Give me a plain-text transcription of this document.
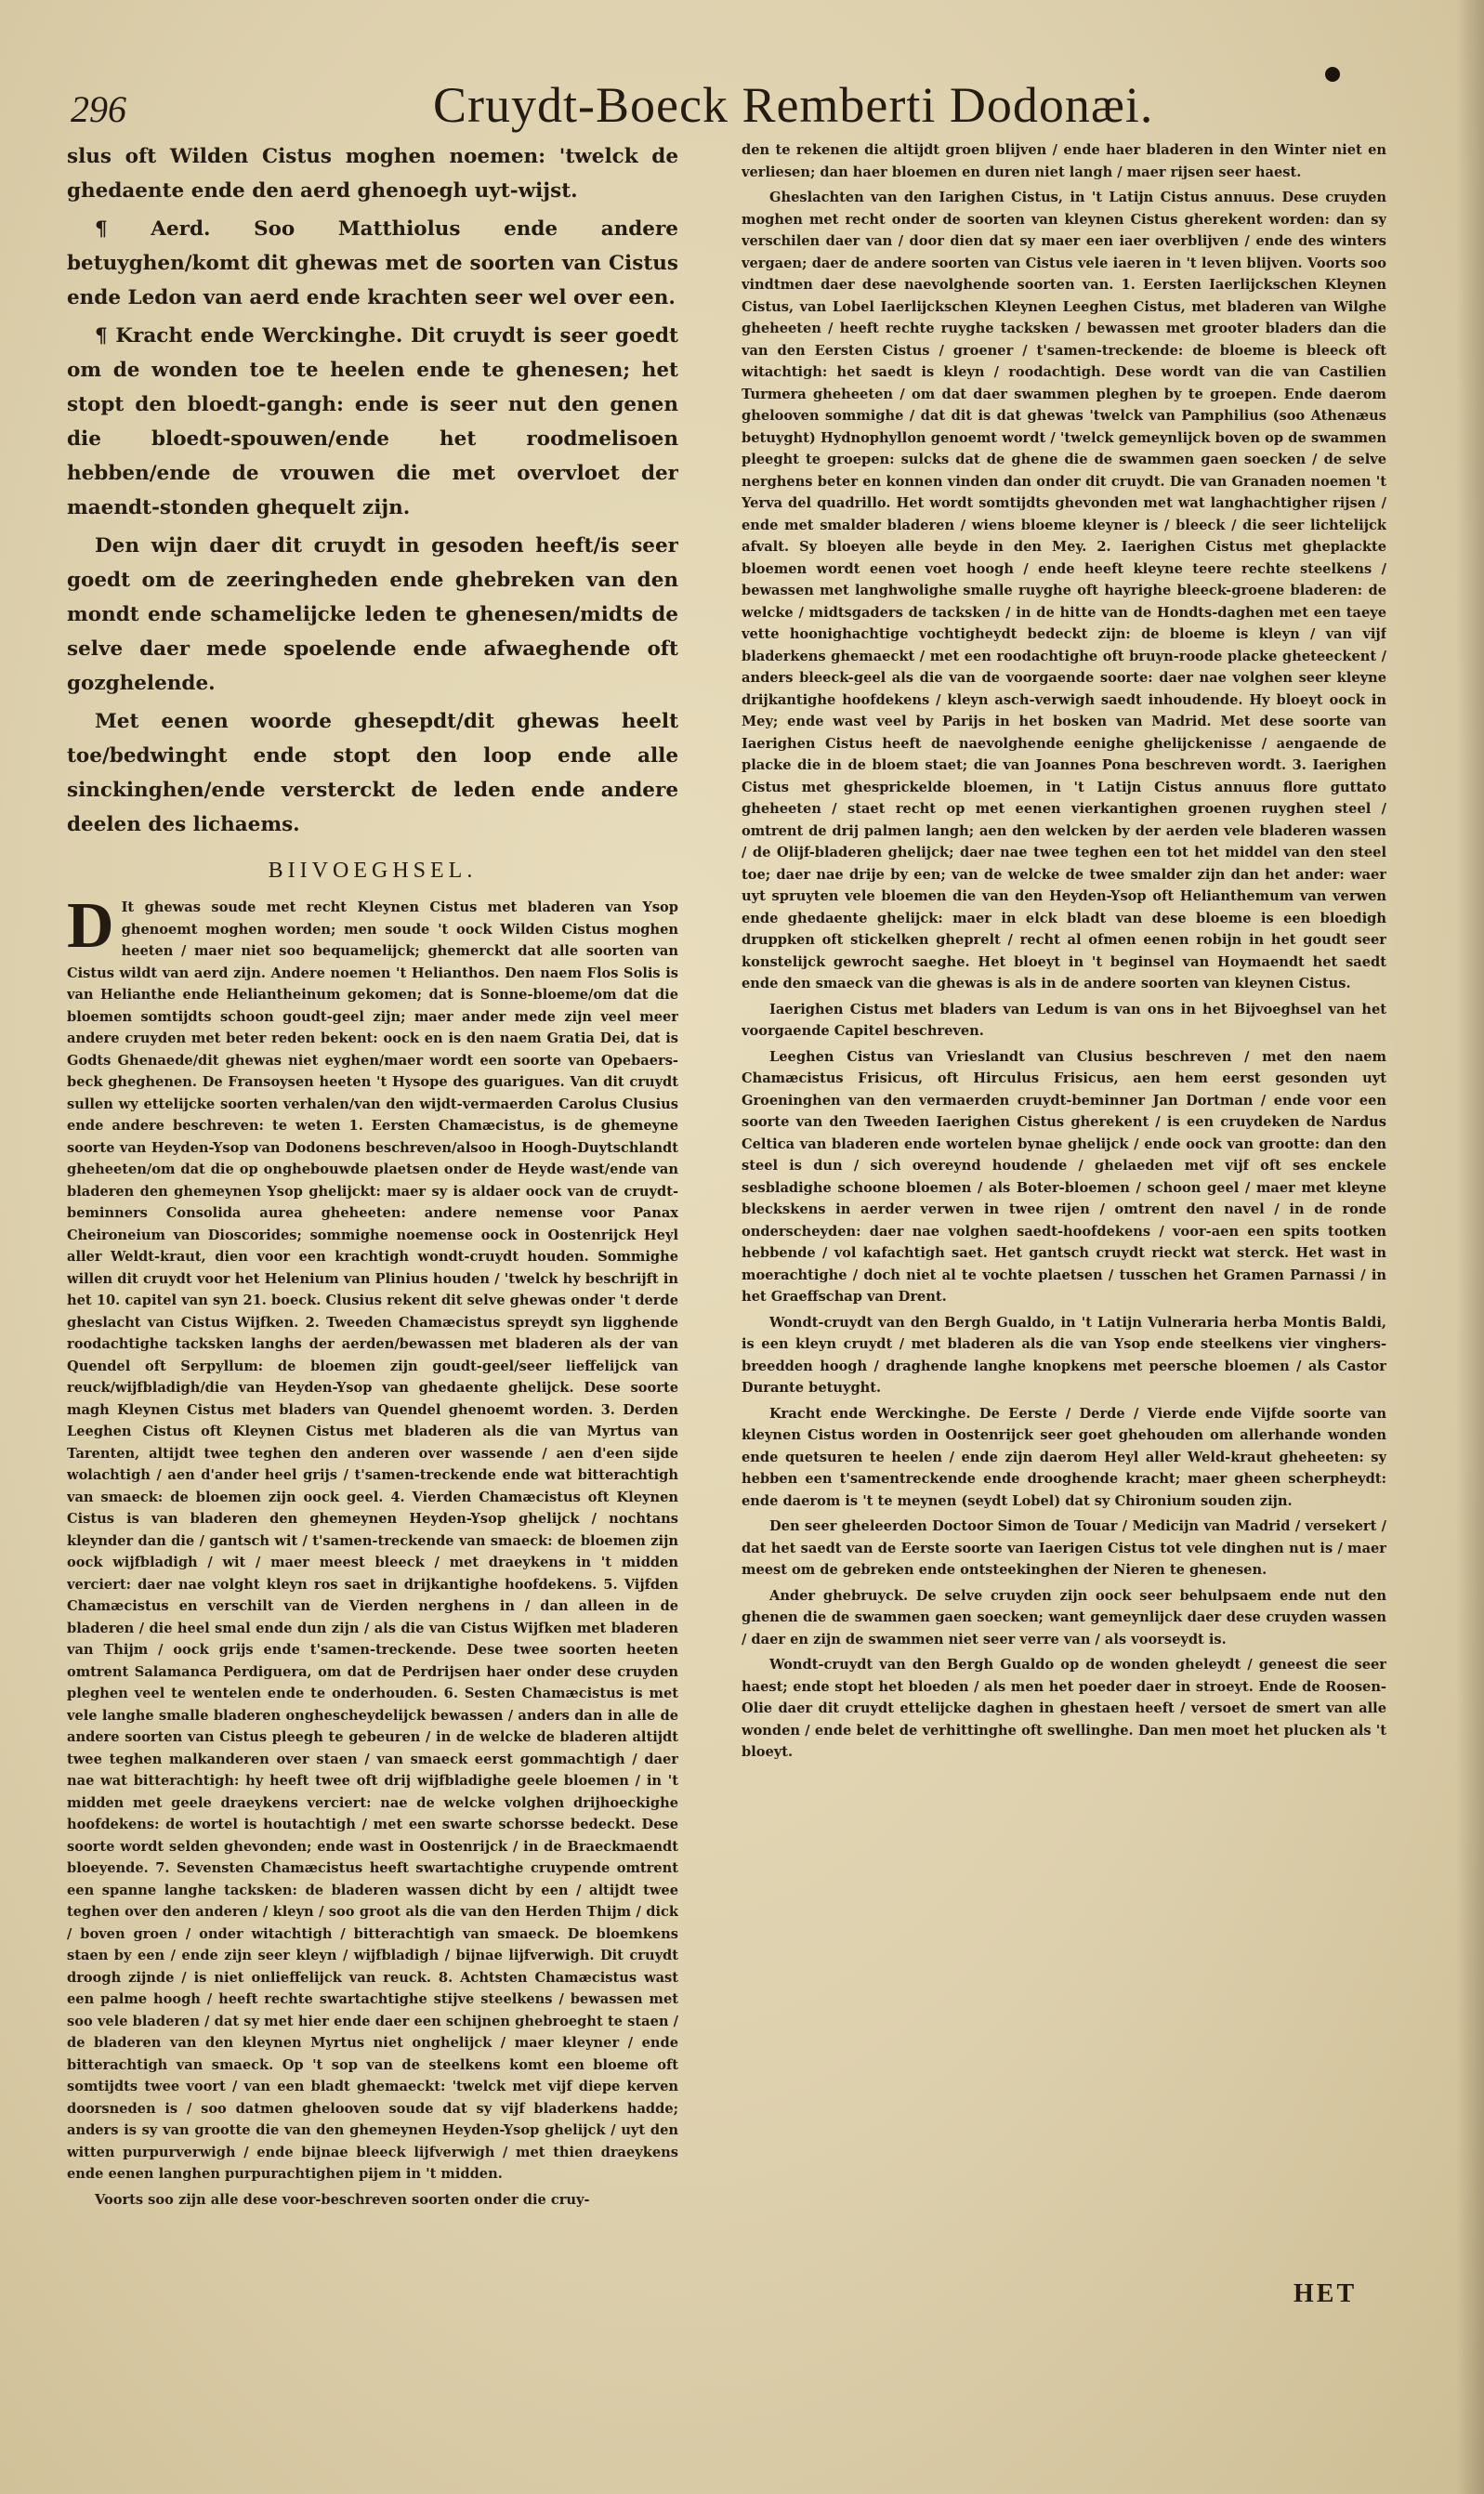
296	Cruydt-Boeck Remberti Dodonæi.

slus oft Wilden Cistus moghen noemen: 'twelck de ghedaente ende den aerd ghenoegh uyt-wijst.

¶ Aerd. Soo Matthiolus ende andere betuyghen/komt dit ghewas met de soorten van Cistus ende Ledon van aerd ende krachten seer wel over een.

¶ Kracht ende Werckinghe. Dit cruydt is seer goedt om de wonden toe te heelen ende te ghenesen; het stopt den bloedt-gangh: ende is seer nut den genen die bloedt-spouwen/ende het roodmelisoen hebben/ende de vrouwen die met overvloet der maendt-stonden ghequelt zijn.

Den wijn daer dit cruydt in gesoden heeft/is seer goedt om de zeeringheden ende ghebreken van den mondt ende schamelijcke leden te ghenesen/midts de selve daer mede spoelende ende afwaeghende oft gozghelende.

Met eenen woorde ghesepdt/dit ghewas heelt toe/bedwinght ende stopt den loop ende alle sinckinghen/ende versterckt de leden ende andere deelen des lichaems.

BIIVOEGHSEL.

D It ghewas soude met recht Kleynen Cistus met bladeren van Ysop ghenoemt moghen worden; men soude 't oock Wilden Cistus moghen heeten / maer niet soo bequamelijck; ghemerckt dat alle soorten van Cistus wildt van aerd zijn. Andere noemen 't Helianthos. Den naem Flos Solis is van Helianthe ende Heliantheinum gekomen; dat is Sonne-bloeme/om dat die bloemen somtijdts schoon goudt-geel zijn; maer ander mede zijn veel meer andere cruyden met beter reden bekent: oock en is den naem Gratia Dei, dat is Godts Ghenaede/dit ghewas niet eyghen/maer wordt een soorte van Opebaers-beck gheghenen. De Fransoysen heeten 't Hysope des guarigues. Van dit cruydt sullen wy ettelijcke soorten verhalen/van den wijdt-vermaerden Carolus Clusius ende andere beschreven: te weten 1. Eersten Chamæcistus, is de ghemeyne soorte van Heyden-Ysop van Dodonens beschreven/alsoo in Hoogh-Duytschlandt gheheeten/om dat die op onghebouwde plaetsen onder de Heyde wast/ende van bladeren den ghemeynen Ysop ghelijckt: maer sy is aldaer oock van de cruydt-beminners Consolida aurea gheheeten: andere nemense voor Panax Cheironeium van Dioscorides; sommighe noemense oock in Oostenrijck Heyl aller Weldt-kraut, dien voor een krachtigh wondt-cruydt houden. Sommighe willen dit cruydt voor het Helenium van Plinius houden / 'twelck hy beschrijft in het 10. capitel van syn 21. boeck. Clusius rekent dit selve ghewas onder 't derde gheslacht van Cistus Wijfken. 2. Tweeden Chamæcistus spreydt syn ligghende roodachtighe tacksken langhs der aerden/bewassen met bladeren als der van Quendel oft Serpyllum: de bloemen zijn goudt-geel/seer lieffelijck van reuck/wijfbladigh/die van Heyden-Ysop van ghedaente ghelijck. Dese soorte magh Kleynen Cistus met bladers van Quendel ghenoemt worden. 3. Derden Leeghen Cistus oft Kleynen Cistus met bladeren als die van Myrtus van Tarenten, altijdt twee teghen den anderen over wassende / aen d'een sijde wolachtigh / aen d'ander heel grijs / t'samen-treckende ende wat bitterachtigh van smaeck: de bloemen zijn oock geel. 4. Vierden Chamæcistus oft Kleynen Cistus is van bladeren den ghemeynen Heyden-Ysop ghelijck / nochtans kleynder dan die / gantsch wit / t'samen-treckende van smaeck: de bloemen zijn oock wijfbladigh / wit / maer meest bleeck / met draeykens in 't midden verciert: daer nae volght kleyn ros saet in drijkantighe hoofdekens. 5. Vijfden Chamæcistus en verschilt van de Vierden nerghens in / dan alleen in de bladeren / die heel smal ende dun zijn / als die van Cistus Wijfken met bladeren van Thijm / oock grijs ende t'samen-treckende. Dese twee soorten heeten omtrent Salamanca Perdiguera, om dat de Perdrijsen haer onder dese cruyden pleghen veel te wentelen ende te onderhouden. 6. Sesten Chamæcistus is met vele langhe smalle bladeren onghescheydelijck bewassen / anders dan in alle de andere soorten van Cistus pleegh te gebeuren / in de welcke de bladeren altijdt twee teghen malkanderen over staen / van smaeck eerst gommachtigh / daer nae wat bitterachtigh: hy heeft twee oft drij wijfbladighe geele bloemen / in 't midden met geele draeykens verciert: nae de welcke volghen drijhoeckighe hoofdekens: de wortel is houtachtigh / met een swarte schorsse bedeckt. Dese soorte wordt selden ghevonden; ende wast in Oostenrijck / in de Braeckmaendt bloeyende. 7. Sevensten Chamæcistus heeft swartachtighe cruypende omtrent een spanne langhe tacksken: de bladeren wassen dicht by een / altijdt twee teghen over den anderen / kleyn / soo groot als die van den Herden Thijm / dick / boven groen / onder witachtigh / bitterachtigh van smaeck. De bloemkens staen by een / ende zijn seer kleyn / wijfbladigh / bijnae lijfverwigh. Dit cruydt droogh zijnde / is niet onlieffelijck van reuck. 8. Achtsten Chamæcistus wast een palme hoogh / heeft rechte swartachtighe stijve steelkens / bewassen met soo vele bladeren / dat sy met hier ende daer een schijnen ghebroeght te staen / de bladeren van den kleynen Myrtus niet onghelijck / maer kleyner / ende bitterachtigh van smaeck. Op 't sop van de steelkens komt een bloeme oft somtijdts twee voort / van een bladt ghemaeckt: 'twelck met vijf diepe kerven doorsneden is / soo datmen ghelooven soude dat sy vijf bladerkens hadde; anders is sy van grootte die van den ghemeynen Heyden-Ysop ghelijck / uyt den witten purpurverwigh / ende bijnae bleeck lijfverwigh / met thien draeykens ende eenen langhen purpurachtighen pijem in 't midden.

Voorts soo zijn alle dese voor-beschreven soorten onder die cruy-

den te rekenen die altijdt groen blijven / ende haer bladeren in den Winter niet en verliesen; dan haer bloemen en duren niet langh / maer rijsen seer haest.

Gheslachten van den Iarighen Cistus, in 't Latijn Cistus annuus. Dese cruyden moghen met recht onder de soorten van kleynen Cistus gherekent worden: dan sy verschilen daer van / door dien dat sy maer een iaer overblijven / ende des winters vergaen; daer de andere soorten van Cistus vele iaeren in 't leven blijven. Voorts soo vindtmen daer dese naevolghende soorten van. 1. Eersten Iaerlijckschen Kleynen Cistus, van Lobel Iaerlijckschen Kleynen Leeghen Cistus, met bladeren van Wilghe gheheeten / heeft rechte ruyghe tacksken / bewassen met grooter bladers dan die van den Eersten Cistus / groener / t'samen-treckende: de bloeme is bleeck oft witachtigh: het saedt is kleyn / roodachtigh. Dese wordt van die van Castilien Turmera gheheeten / om dat daer swammen pleghen by te groepen. Ende daerom ghelooven sommighe / dat dit is dat ghewas 'twelck van Pamphilius (soo Athenæus betuyght) Hydnophyllon genoemt wordt / 'twelck gemeynlijck boven op de swammen pleeght te groepen: sulcks dat de ghene die de swammen gaen soecken / de selve nerghens beter en konnen vinden dan onder dit cruydt. Die van Granaden noemen 't Yerva del quadrillo. Het wordt somtijdts ghevonden met wat langhachtigher rijsen / ende met smalder bladeren / wiens bloeme kleyner is / bleeck / die seer lichtelijck afvalt. Sy bloeyen alle beyde in den Mey. 2. Iaerighen Cistus met gheplackte bloemen wordt eenen voet hoogh / ende heeft kleyne teere rechte steelkens / bewassen met langhwolighe smalle ruyghe oft hayrighe bleeck-groene bladeren: de welcke / midtsgaders de tacksken / in de hitte van de Hondts-daghen met een taeye vette hoonighachtige vochtigheydt bedeckt zijn: de bloeme is kleyn / van vijf bladerkens ghemaeckt / met een roodachtighe oft bruyn-roode placke gheteeckent / anders bleeck-geel als die van de voorgaende soorte: daer nae volghen seer kleyne drijkantighe hoofdekens / kleyn asch-verwigh saedt inhoudende. Hy bloeyt oock in Mey; ende wast veel by Parijs in het bosken van Madrid. Met dese soorte van Iaerighen Cistus heeft de naevolghende eenighe ghelijckenisse / aengaende de placke die in de bloem staet; die van Joannes Pona beschreven wordt. 3. Iaerighen Cistus met ghesprickelde bloemen, in 't Latijn Cistus annuus flore guttato gheheeten / staet recht op met eenen vierkantighen groenen ruyghen steel / omtrent de drij palmen langh; aen den welcken by der aerden vele bladeren wassen / de Olijf-bladeren ghelijck; daer nae twee teghen een tot het middel van den steel toe; daer nae drije by een; van de welcke de twee smalder zijn dan het ander: waer uyt spruyten vele bloemen die van den Heyden-Ysop oft Helianthemum van verwen ende ghedaente ghelijck: maer in elck bladt van dese bloeme is een bloedigh druppken oft stickelken gheprelt / recht al ofmen eenen robijn in het goudt seer konstelijck gewrocht saeghe. Het bloeyt in 't beginsel van Hoymaendt het saedt ende den smaeck van die ghewas is als in de andere soorten van kleynen Cistus.

Iaerighen Cistus met bladers van Ledum is van ons in het Bijvoeghsel van het voorgaende Capitel beschreven.

Leeghen Cistus van Vrieslandt van Clusius beschreven / met den naem Chamæcistus Frisicus, oft Hirculus Frisicus, aen hem eerst gesonden uyt Groeninghen van den vermaerden cruydt-beminner Jan Dortman / ende voor een soorte van den Tweeden Iaerighen Cistus gherekent / is een cruydeken de Nardus Celtica van bladeren ende wortelen bynae ghelijck / ende oock van grootte: dan den steel is dun / sich overeynd houdende / ghelaeden met vijf oft ses enckele sesbladighe schoone bloemen / als Boter-bloemen / schoon geel / maer met kleyne bleckskens in aerder verwen in twee rijen / omtrent den navel / in de ronde onderscheyden: daer nae volghen saedt-hoofdekens / voor-aen een spits tootken hebbende / vol kafachtigh saet. Het gantsch cruydt rieckt wat sterck. Het wast in moerachtighe / doch niet al te vochte plaetsen / tusschen het Gramen Parnassi / in het Graeffschap van Drent.

Wondt-cruydt van den Bergh Gualdo, in 't Latijn Vulneraria herba Montis Baldi, is een kleyn cruydt / met bladeren als die van Ysop ende steelkens vier vinghers-breedden hoogh / draghende langhe knopkens met peersche bloemen / als Castor Durante betuyght.

Kracht ende Werckinghe. De Eerste / Derde / Vierde ende Vijfde soorte van kleynen Cistus worden in Oostenrijck seer goet ghehouden om allerhande wonden ende quetsuren te heelen / ende zijn daerom Heyl aller Weld-kraut gheheeten: sy hebben een t'samentreckende ende drooghende kracht; maer gheen scherpheydt: ende daerom is 't te meynen (seydt Lobel) dat sy Chironium souden zijn.

Den seer gheleerden Doctoor Simon de Touar / Medicijn van Madrid / versekert / dat het saedt van de Eerste soorte van Iaerigen Cistus tot vele dinghen nut is / maer meest om de gebreken ende ontsteekinghen der Nieren te ghenesen.

Ander ghebruyck. De selve cruyden zijn oock seer behulpsaem ende nut den ghenen die de swammen gaen soecken; want gemeynlijck daer dese cruyden wassen / daer en zijn de swammen niet seer verre van / als voorseydt is.

Wondt-cruydt van den Bergh Gualdo op de wonden gheleydt / geneest die seer haest; ende stopt het bloeden / als men het poeder daer in stroeyt. Ende de Roosen-Olie daer dit cruydt ettelijcke daghen in ghestaen heeft / versoet de smert van alle wonden / ende belet de verhittinghe oft swellinghe. Dan men moet het plucken als 't bloeyt.

HET
